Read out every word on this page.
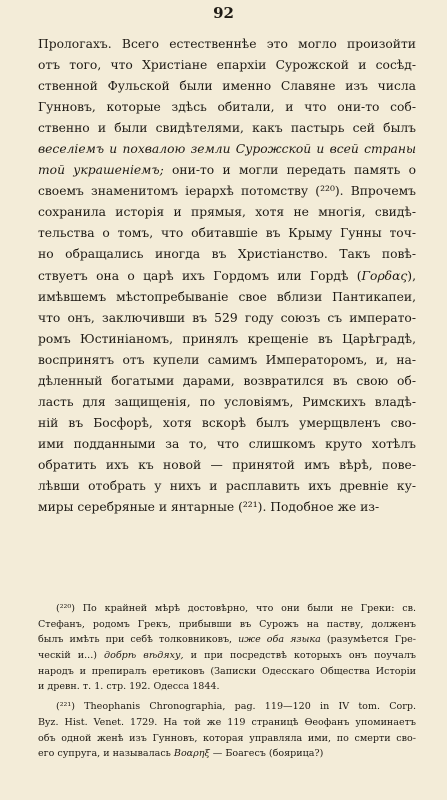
92
Прологахъ. Всего естественнѣе это могло произойти
отъ того, что Христіане епархіи Сурожской и сосѣд-
ственной Фульской были именно Славяне изъ числа
Гунновъ, которые здѣсь обитали, и что они-то соб-
ственно и были свидѣтелями, какъ пастырь сей былъ
веселіемъ и похвалою земли Сурожской и всей страны
той украшеніемъ; они-то и могли передать память о
своемъ знаменитомъ іерархѣ потомству (²²⁰). Впрочемъ
сохранила исторія и прямыя, хотя не многія, свидѣ-
тельства о томъ, что обитавшіе въ Крыму Гунны точ-
но обращались иногда въ Христіанство. Такъ повѣ-
ствуетъ она о царѣ ихъ Гордомъ или Гордѣ (Γορδας),
имѣвшемъ мѣстопребываніе свое вблизи Пантикапеи,
что онъ, заключивши въ 529 году союзъ съ императо-
ромъ Юстиніаномъ, принялъ крещеніе въ Царѣградѣ,
воспринятъ отъ купели самимъ Императоромъ, и, на-
дѣленный богатыми дарами, возвратился въ свою об-
ласть для защищенія, по условіямъ, Римскихъ владѣ-
ній въ Босфорѣ, хотя вскорѣ былъ умерщвленъ сво-
ими подданными за то, что слишкомъ круто хотѣлъ
обратить ихъ къ новой — принятой имъ вѣрѣ, пове-
лѣвши отобрать у нихъ и расплавить ихъ древніе ку-
миры серебряные и янтарные (²²¹). Подобное же из-
(²²⁰) По крайней мѣрѣ достовѣрно, что они были не Греки: св.
Стефанъ, родомъ Грекъ, прибывши въ Сурожъ на паству, долженъ
былъ имѣть при себѣ толковниковъ, иже оба языка (разумѣется Гре-
ческій и...) добрѣ вѣдяху, и при посредствѣ которыхъ онъ поучалъ
народъ и препиралъ еретиковъ (Записки Одесскаго Общества Исторіи
и древн. т. 1. стр. 192. Одесса 1844.
(²²¹) Theophanis Chronographia, pag. 119—120 in IV tom. Corp.
Byz. Hist. Venet. 1729. На той же 119 страницѣ Ѳеофанъ упоминаетъ
объ одной женѣ изъ Гунновъ, которая управляла ими, по смерти сво-
его супруга, и называлась Βοαρηξ — Боагесъ (боярица?)
